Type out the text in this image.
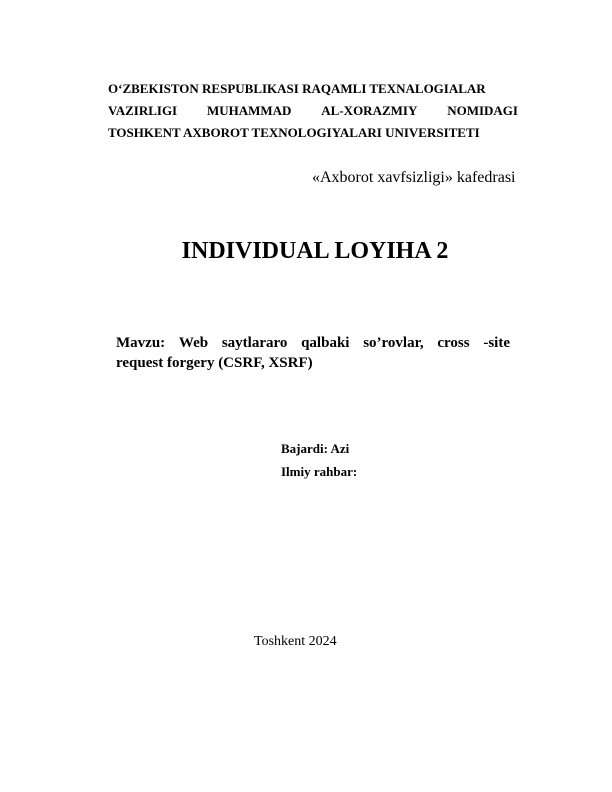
O‘ZBEKISTON RESPUBLIKASI RAQAMLI TEXNALOGIALAR
VAZIRLIGI MUHAMMAD AL-XORAZMIY NOMIDAGI
TOSHKENT AXBOROT TEXNOLOGIYALARI UNIVERSITETI
«Axborot xavfsizligi» kafedrasi
INDIVIDUAL LOYIHA 2
Mavzu: Web saytlararo qalbaki so’rovlar, cross -site
request forgery (CSRF, XSRF)
Bajardi: Azi
Ilmiy rahbar:
Toshkent 2024
